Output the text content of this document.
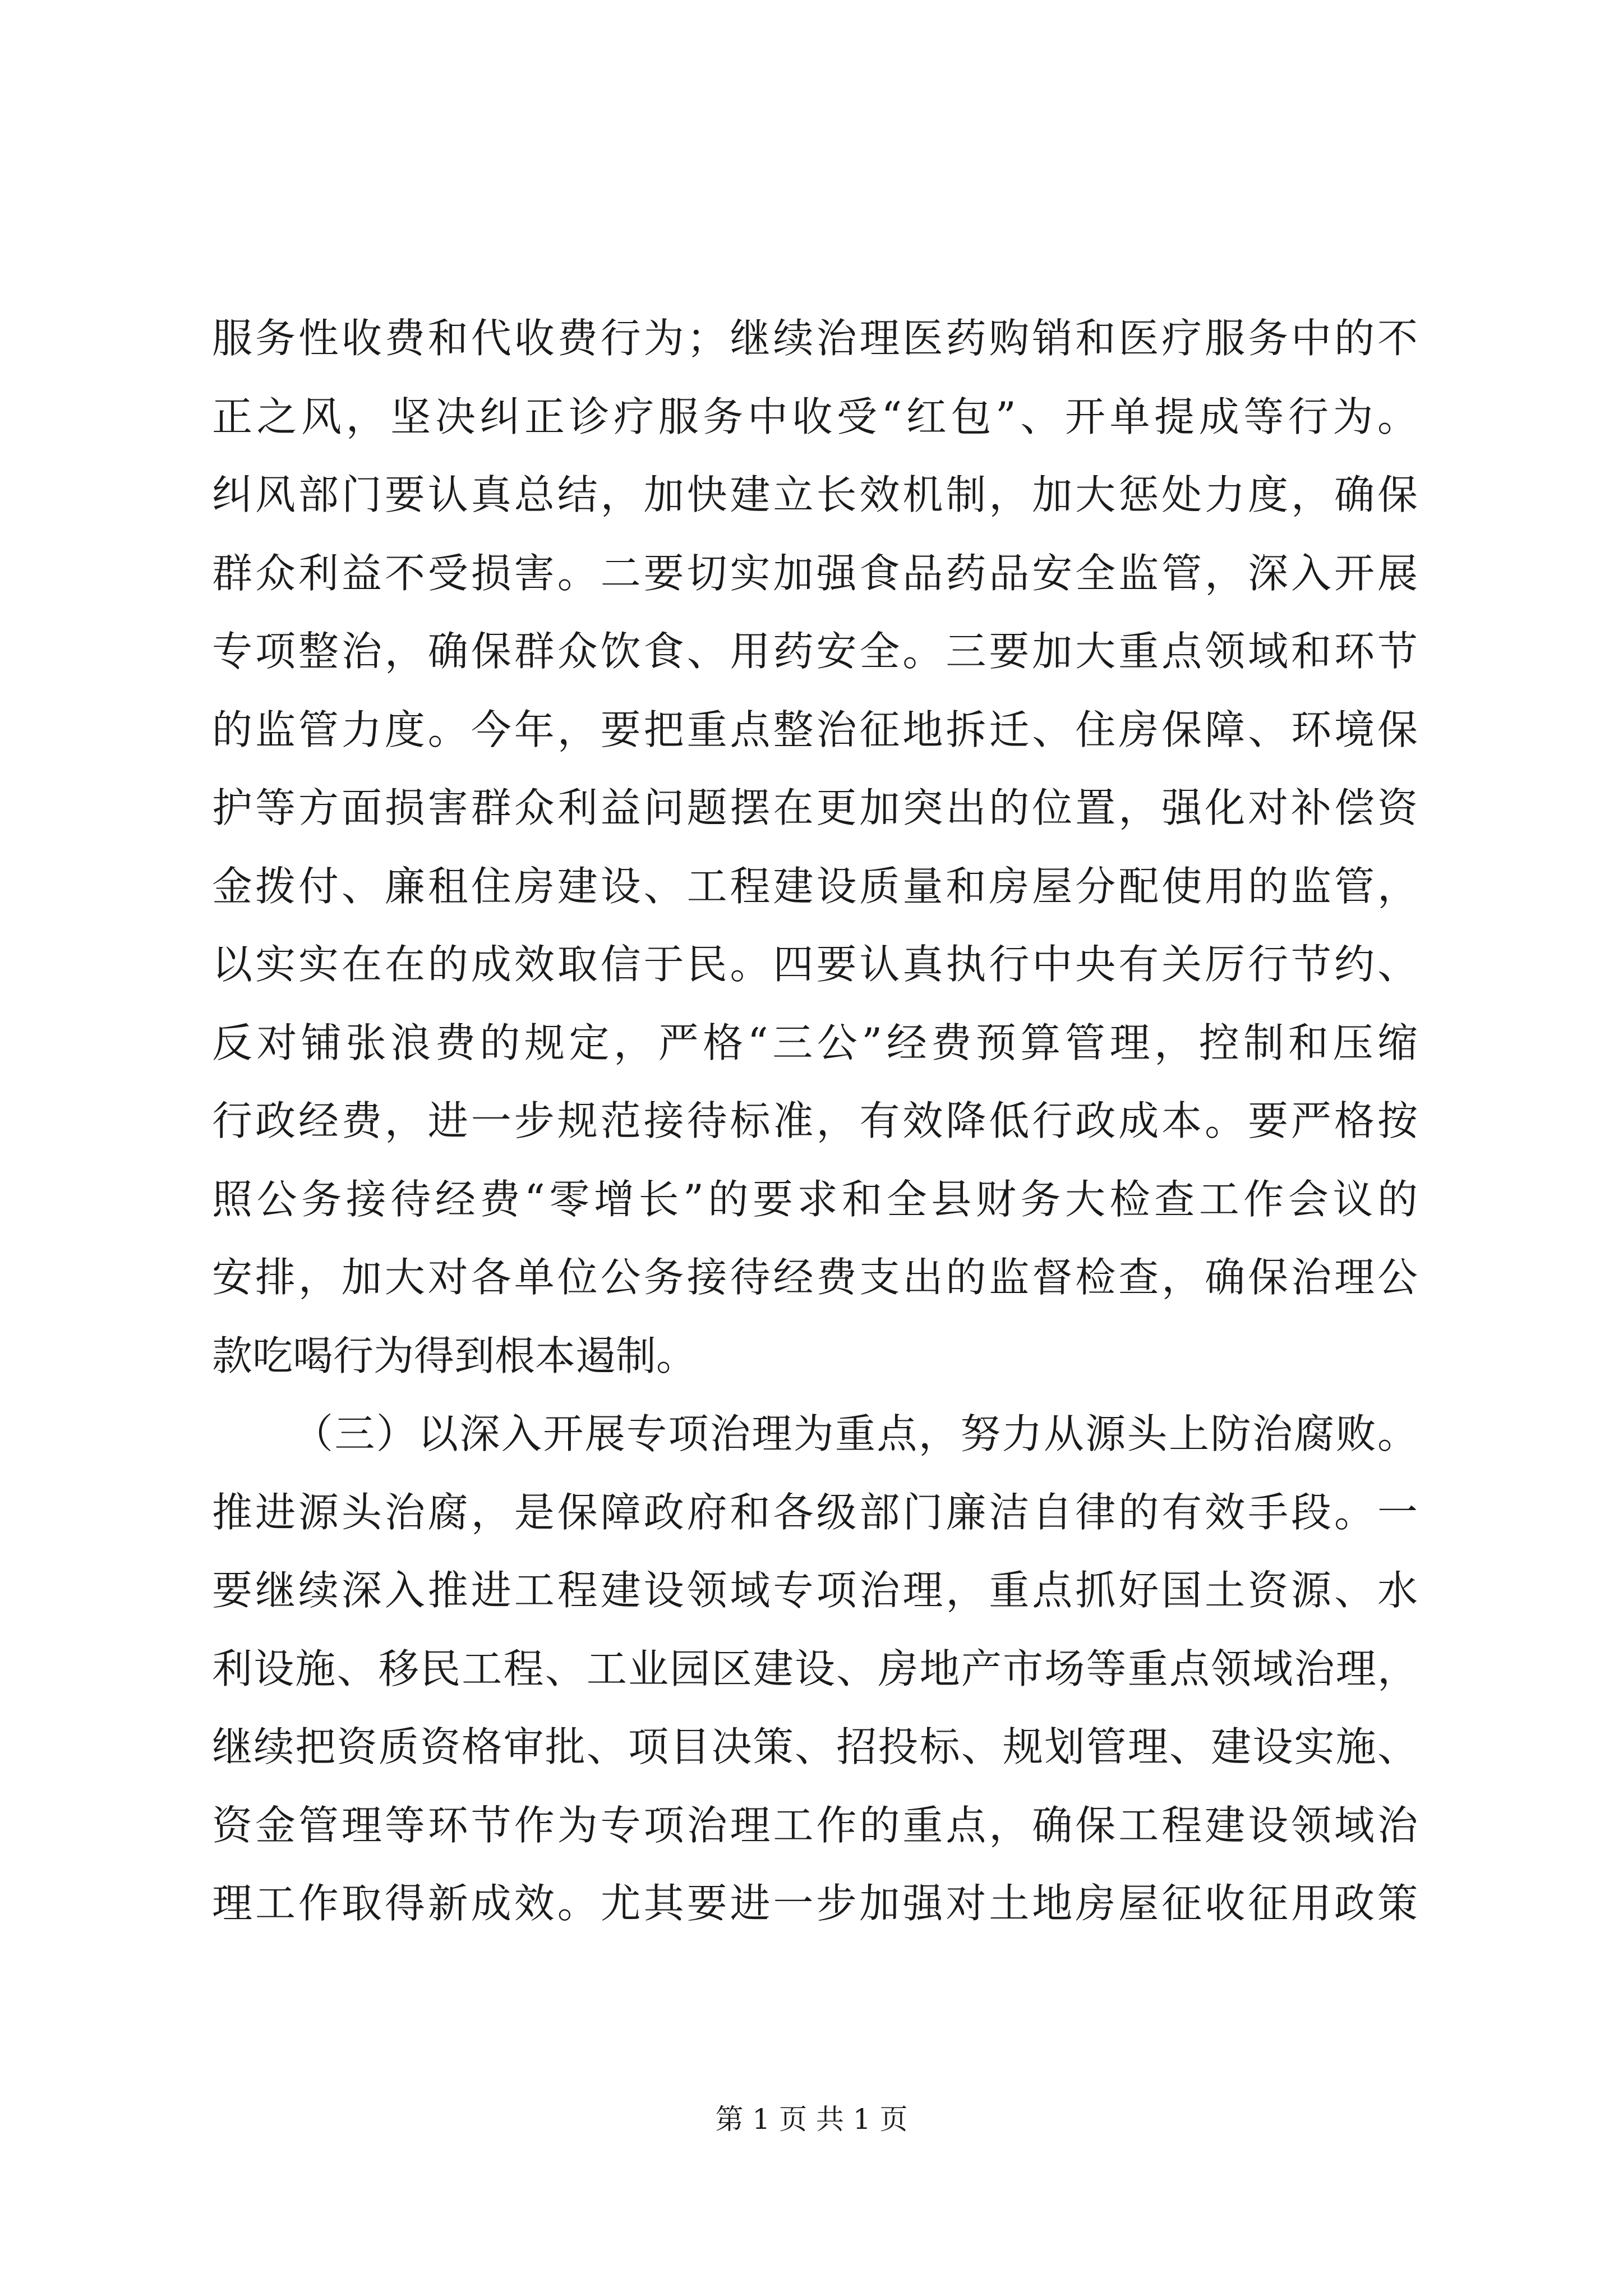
服务性收费和代收费行为；继续治理医药购销和医疗服务中的不
正之风，坚决纠正诊疗服务中收受“红包”、开单提成等行为。
纠风部门要认真总结，加快建立长效机制，加大惩处力度，确保
群众利益不受损害。二要切实加强食品药品安全监管，深入开展
专项整治，确保群众饮食、用药安全。三要加大重点领域和环节
的监管力度。今年，要把重点整治征地拆迁、住房保障、环境保
护等方面损害群众利益问题摆在更加突出的位置，强化对补偿资
金拨付、廉租住房建设、工程建设质量和房屋分配使用的监管，
以实实在在的成效取信于民。四要认真执行中央有关厉行节约、
反对铺张浪费的规定，严格“三公”经费预算管理，控制和压缩
行政经费，进一步规范接待标准，有效降低行政成本。要严格按
照公务接待经费“零增长”的要求和全县财务大检查工作会议的
安排，加大对各单位公务接待经费支出的监督检查，确保治理公
款吃喝行为得到根本遏制。
（三）以深入开展专项治理为重点，努力从源头上防治腐败。
推进源头治腐，是保障政府和各级部门廉洁自律的有效手段。一
要继续深入推进工程建设领域专项治理，重点抓好国土资源、水
利设施、移民工程、工业园区建设、房地产市场等重点领域治理，
继续把资质资格审批、项目决策、招投标、规划管理、建设实施、
资金管理等环节作为专项治理工作的重点，确保工程建设领域治
理工作取得新成效。尤其要进一步加强对土地房屋征收征用政策
第 1 页 共 1 页
